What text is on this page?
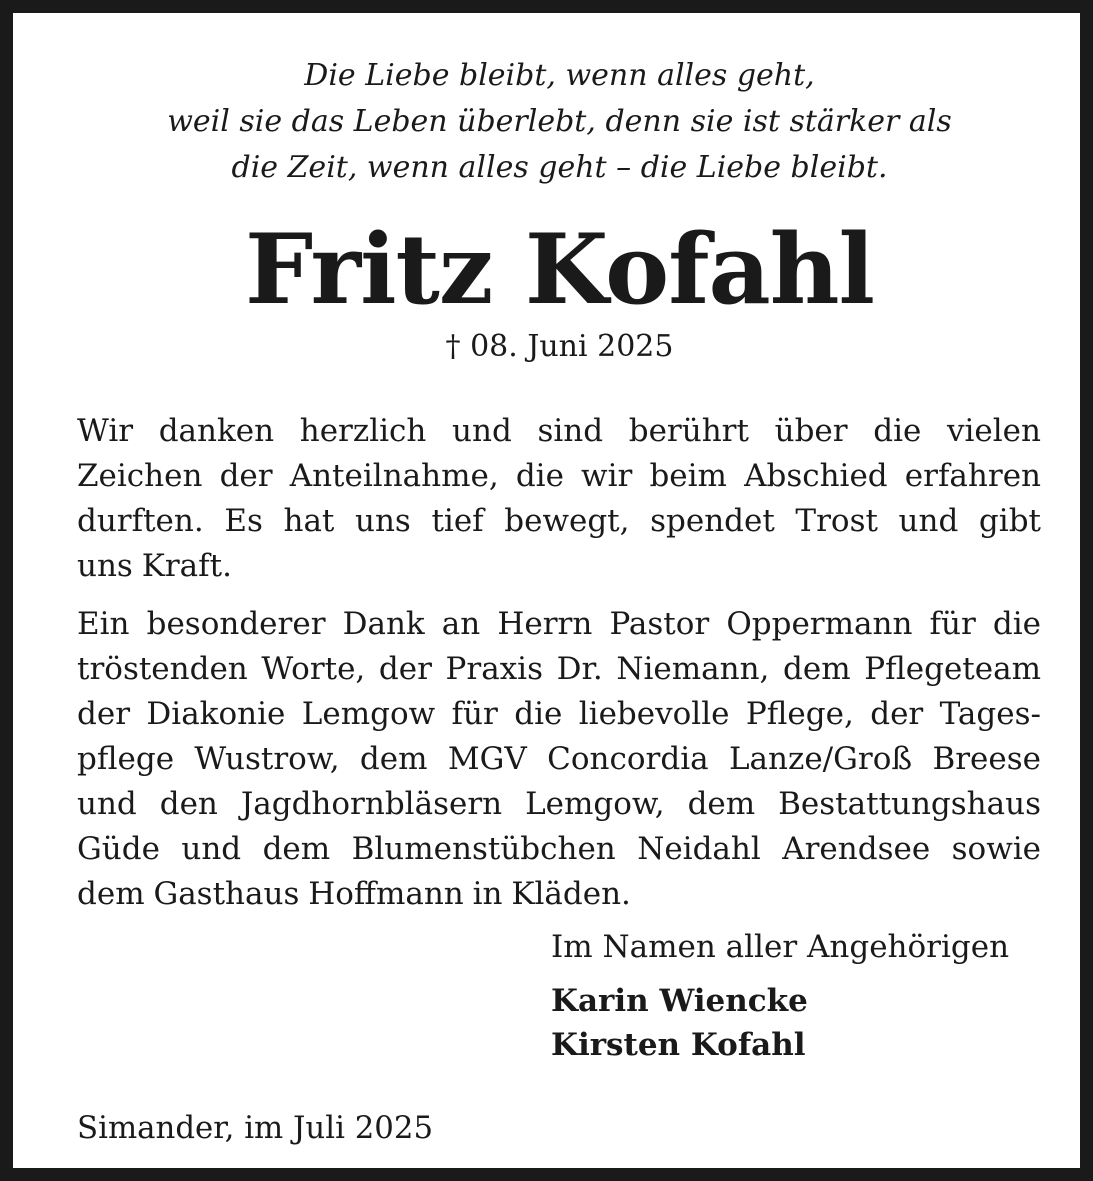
Die Liebe bleibt, wenn alles geht,
weil sie das Leben überlebt, denn sie ist stärker als
die Zeit, wenn alles geht – die Liebe bleibt.
Fritz Kofahl
† 08. Juni 2025
Wir danken herzlich und sind berührt über die vielen
Zeichen der Anteilnahme, die wir beim Abschied erfahren
durften. Es hat uns tief bewegt, spendet Trost und gibt
uns Kraft.
Ein besonderer Dank an Herrn Pastor Oppermann für die
tröstenden Worte, der Praxis Dr. Niemann, dem Pflegeteam
der Diakonie Lemgow für die liebevolle Pflege, der Tages-
pflege Wustrow, dem MGV Concordia Lanze/Groß Breese
und den Jagdhornbläsern Lemgow, dem Bestattungshaus
Güde und dem Blumenstübchen Neidahl Arendsee sowie
dem Gasthaus Hoffmann in Kläden.
Im Namen aller Angehörigen
Karin Wiencke
Kirsten Kofahl
Simander, im Juli 2025
